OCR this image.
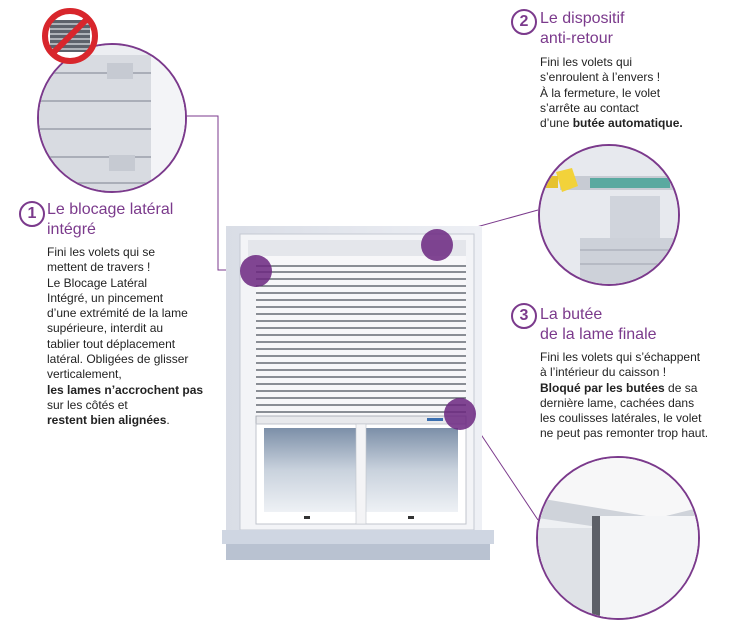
1 Le blocage latéral
intégré
Fini les volets qui se
mettent de travers !
Le Blocage Latéral
Intégré, un pincement
d’une extrémité de la lame
supérieure, interdit au
tablier tout déplacement
latéral. Obligées de glisser
verticalement,
les lames n’accrochent pas
sur les côtés et
restent bien alignées.
2 Le dispositif
anti-retour
Fini les volets qui
s’enroulent à l’envers !
À la fermeture, le volet
s’arrête au contact
d’une butée automatique.
3 La butée
de la lame finale
Fini les volets qui s’échappent
à l’intérieur du caisson !
Bloqué par les butées de sa
dernière lame, cachées dans
les coulisses latérales, le volet
ne peut pas remonter trop haut.
